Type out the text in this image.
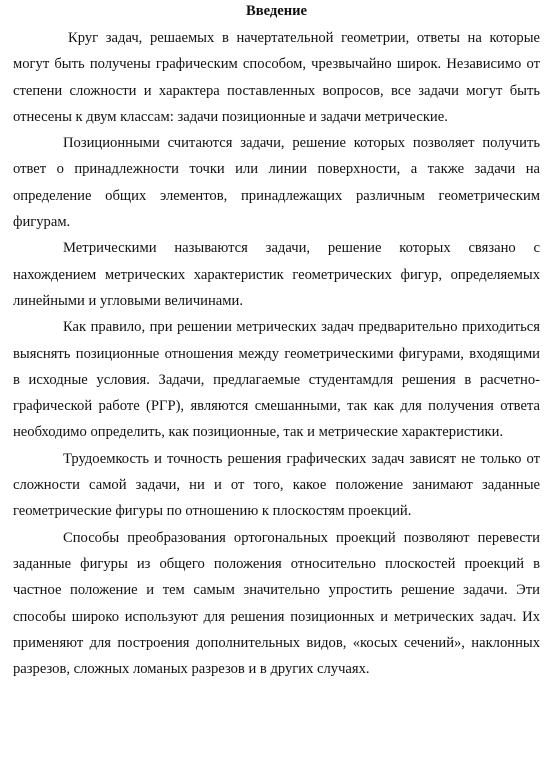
Введение

Круг задач, решаемых в начертательной геометрии, ответы на которые могут быть получены графическим способом, чрезвычайно широк. Независимо от степени сложности и характера поставленных вопросов, все задачи могут быть отнесены к двум классам: задачи позиционные и задачи метрические.

Позиционными считаются задачи, решение которых позволяет получить ответ о принадлежности точки или линии поверхности, а также задачи на определение общих элементов, принадлежащих различным геометрическим фигурам.

Метрическими называются задачи, решение которых связано с нахождением метрических характеристик геометрических фигур, определяемых линейными и угловыми величинами.

Как правило, при решении метрических задач предварительно приходиться выяснять позиционные отношения между геометрическими фигурами, входящими в исходные условия. Задачи, предлагаемые студентамдля решения в расчетно-графической работе (РГР), являются смешанными, так как для получения ответа необходимо определить, как позиционные, так и метрические характеристики.

Трудоемкость и точность решения графических задач зависят не только от сложности самой задачи, ни и от того, какое положение занимают заданные геометрические фигуры по отношению к плоскостям проекций.

Способы преобразования ортогональных проекций позволяют перевести заданные фигуры из общего положения относительно плоскостей проекций в частное положение и тем самым значительно упростить решение задачи. Эти способы широко используют для решения позиционных и метрических задач. Их применяют для построения дополнительных видов, «косых сечений», наклонных разрезов, сложных ломаных разрезов и в других случаях.
